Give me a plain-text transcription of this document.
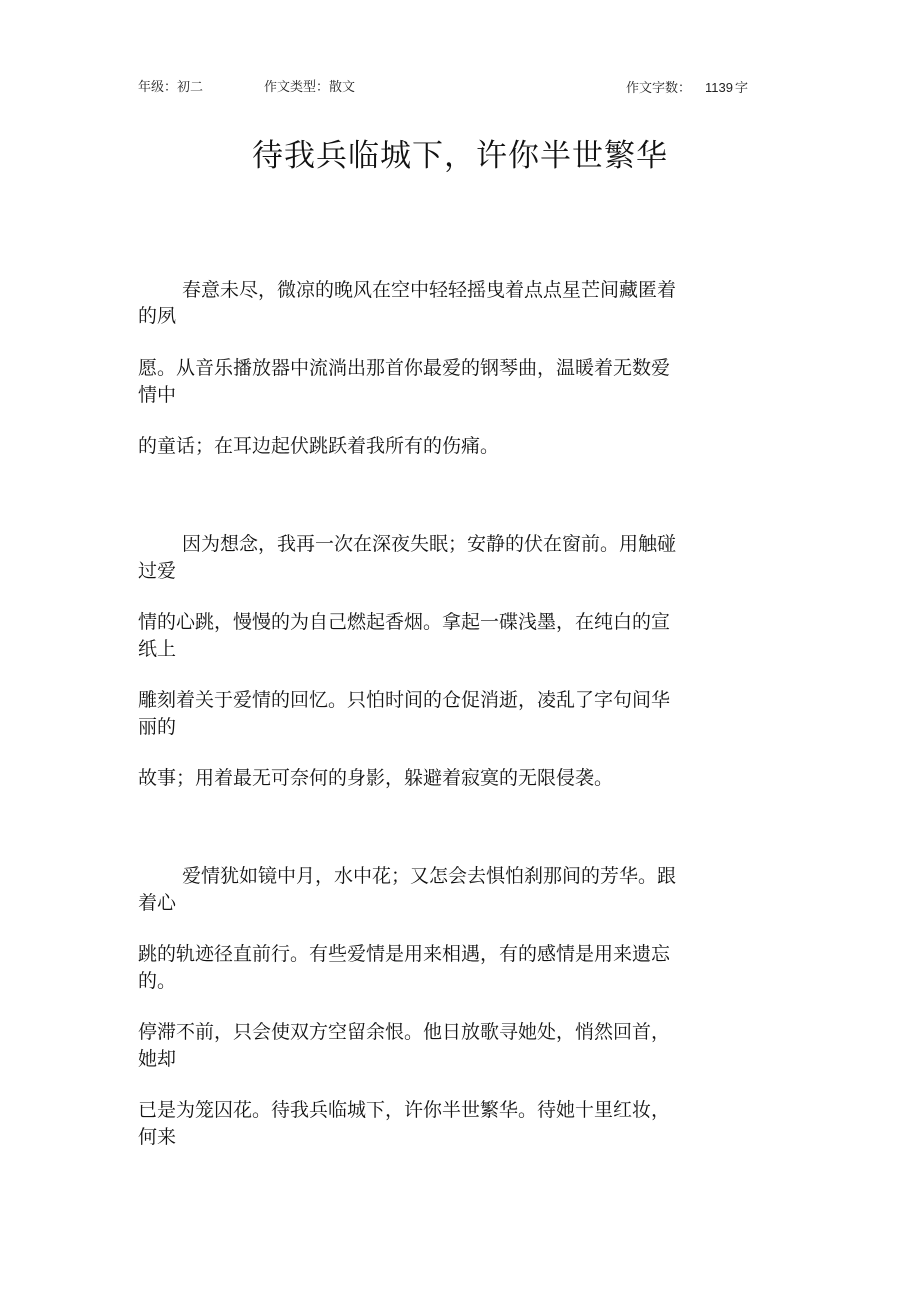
年级：初二	作文类型：散文	作文字数： 1139 字
待我兵临城下，许你半世繁华
春意未尽，微凉的晚风在空中轻轻摇曳着点点星芒间藏匿着
的夙
愿。从音乐播放器中流淌出那首你最爱的钢琴曲，温暖着无数爱
情中
的童话；在耳边起伏跳跃着我所有的伤痛。
因为想念，我再一次在深夜失眠；安静的伏在窗前。用触碰
过爱
情的心跳，慢慢的为自己燃起香烟。拿起一碟浅墨，在纯白的宣
纸上
雕刻着关于爱情的回忆。只怕时间的仓促消逝，凌乱了字句间华
丽的
故事；用着最无可奈何的身影，躲避着寂寞的无限侵袭。
爱情犹如镜中月，水中花；又怎会去惧怕刹那间的芳华。跟
着心
跳的轨迹径直前行。有些爱情是用来相遇，有的感情是用来遗忘
的。
停滞不前，只会使双方空留余恨。他日放歌寻她处，悄然回首，
她却
已是为笼囚花。待我兵临城下，许你半世繁华。待她十里红妆，
何来
